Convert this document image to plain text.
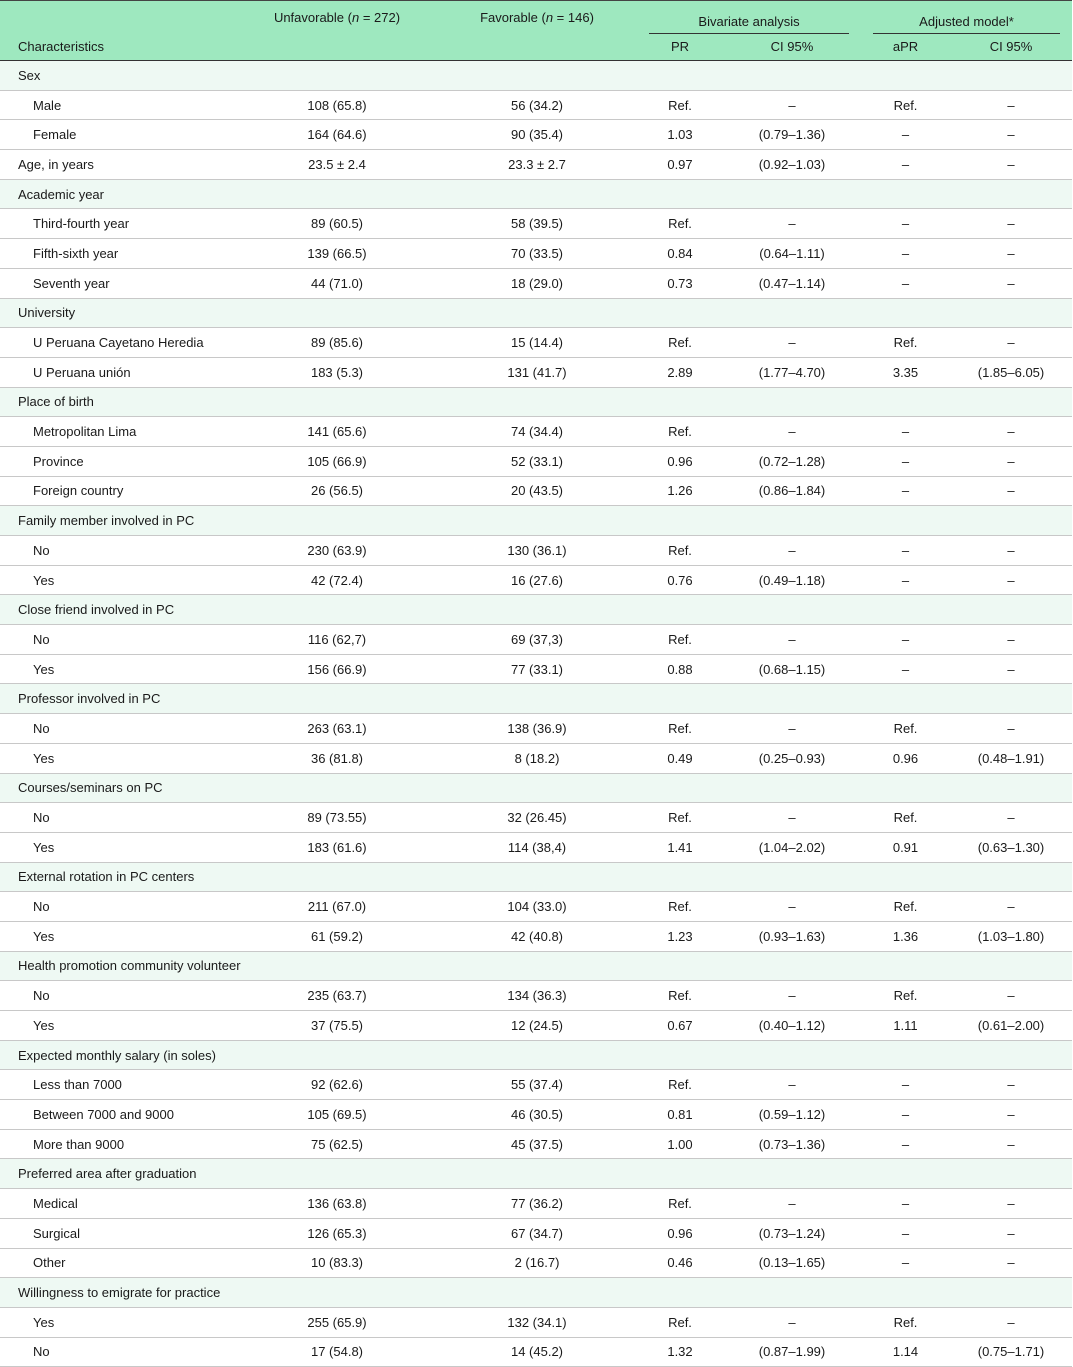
	Unfavorable (n = 272)	Favorable (n = 146)	Bivariate analysis		Adjusted model*	

Characteristics			PR	CI 95%	aPR	CI 95%
Sex						
Male	108 (65.8)	56 (34.2)	Ref.	–	Ref.	–
Female	164 (64.6)	90 (35.4)	1.03	(0.79–1.36)	–	–
Age, in years	23.5 ± 2.4	23.3 ± 2.7	0.97	(0.92–1.03)	–	–
Academic year						
Third-fourth year	89 (60.5)	58 (39.5)	Ref.	–	–	–
Fifth-sixth year	139 (66.5)	70 (33.5)	0.84	(0.64–1.11)	–	–
Seventh year	44 (71.0)	18 (29.0)	0.73	(0.47–1.14)	–	–
University						
U Peruana Cayetano Heredia	89 (85.6)	15 (14.4)	Ref.	–	Ref.	–
U Peruana unión	183 (5.3)	131 (41.7)	2.89	(1.77–4.70)	3.35	(1.85–6.05)
Place of birth						
Metropolitan Lima	141 (65.6)	74 (34.4)	Ref.	–	–	–
Province	105 (66.9)	52 (33.1)	0.96	(0.72–1.28)	–	–
Foreign country	26 (56.5)	20 (43.5)	1.26	(0.86–1.84)	–	–
Family member involved in PC						
No	230 (63.9)	130 (36.1)	Ref.	–	–	–
Yes	42 (72.4)	16 (27.6)	0.76	(0.49–1.18)	–	–
Close friend involved in PC						
No	116 (62,7)	69 (37,3)	Ref.	–	–	–
Yes	156 (66.9)	77 (33.1)	0.88	(0.68–1.15)	–	–
Professor involved in PC						
No	263 (63.1)	138 (36.9)	Ref.	–	Ref.	–
Yes	36 (81.8)	8 (18.2)	0.49	(0.25–0.93)	0.96	(0.48–1.91)
Courses/seminars on PC						
No	89 (73.55)	32 (26.45)	Ref.	–	Ref.	–
Yes	183 (61.6)	114 (38,4)	1.41	(1.04–2.02)	0.91	(0.63–1.30)
External rotation in PC centers						
No	211 (67.0)	104 (33.0)	Ref.	–	Ref.	–
Yes	61 (59.2)	42 (40.8)	1.23	(0.93–1.63)	1.36	(1.03–1.80)
Health promotion community volunteer						
No	235 (63.7)	134 (36.3)	Ref.	–	Ref.	–
Yes	37 (75.5)	12 (24.5)	0.67	(0.40–1.12)	1.11	(0.61–2.00)
Expected monthly salary (in soles)						
Less than 7000	92 (62.6)	55 (37.4)	Ref.	–	–	–
Between 7000 and 9000	105 (69.5)	46 (30.5)	0.81	(0.59–1.12)	–	–
More than 9000	75 (62.5)	45 (37.5)	1.00	(0.73–1.36)	–	–
Preferred area after graduation						
Medical	136 (63.8)	77 (36.2)	Ref.	–	–	–
Surgical	126 (65.3)	67 (34.7)	0.96	(0.73–1.24)	–	–
Other	10 (83.3)	2 (16.7)	0.46	(0.13–1.65)	–	–
Willingness to emigrate for practice						
Yes	255 (65.9)	132 (34.1)	Ref.	–	Ref.	–
No	17 (54.8)	14 (45.2)	1.32	(0.87–1.99)	1.14	(0.75–1.71)
